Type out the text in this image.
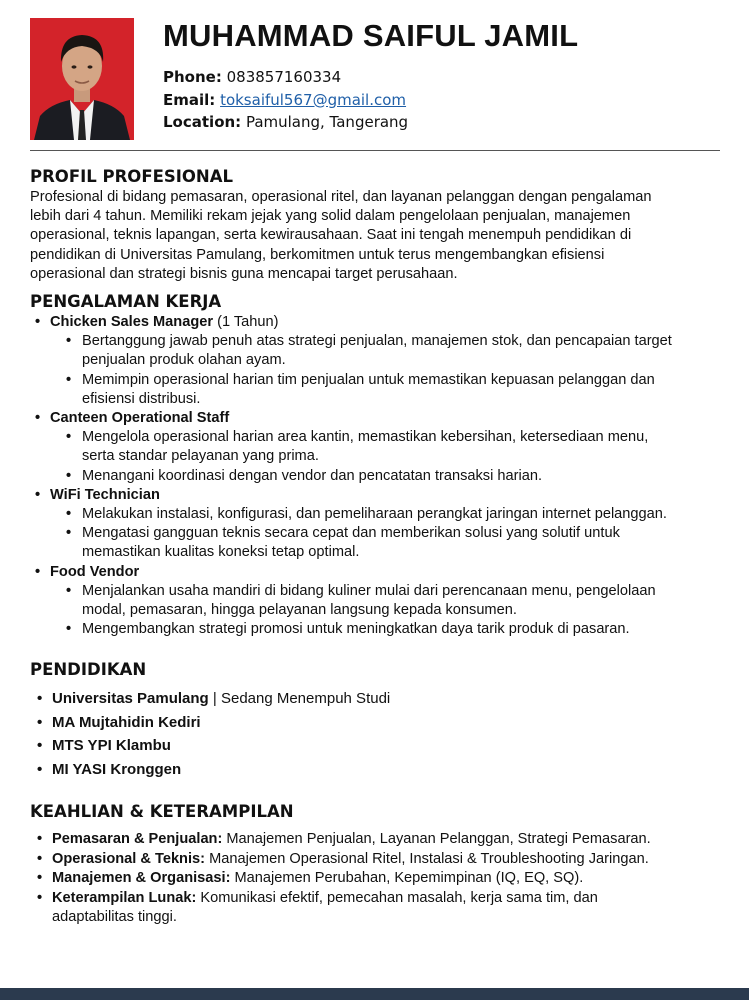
MUHAMMAD SAIFUL JAMIL
Phone: 083857160334
Email: toksaiful567@gmail.com
Location: Pamulang, Tangerang
PROFIL PROFESIONAL

Profesional di bidang pemasaran, operasional ritel, dan layanan pelanggan dengan pengalaman
lebih dari 4 tahun. Memiliki rekam jejak yang solid dalam pengelolaan penjualan, manajemen
operasional, teknis lapangan, serta kewirausahaan. Saat ini tengah menempuh pendidikan di
pendidikan di Universitas Pamulang, berkomitmen untuk terus mengembangkan efisiensi
operasional dan strategi bisnis guna mencapai target perusahaan.

PENGALAMAN KERJA
• Chicken Sales Manager (1 Tahun)
• Bertanggung jawab penuh atas strategi penjualan, manajemen stok, dan pencapaian target
penjualan produk olahan ayam.
• Memimpin operasional harian tim penjualan untuk memastikan kepuasan pelanggan dan
efisiensi distribusi.
• Canteen Operational Staff
• Mengelola operasional harian area kantin, memastikan kebersihan, ketersediaan menu,
serta standar pelayanan yang prima.
• Menangani koordinasi dengan vendor dan pencatatan transaksi harian.
• WiFi Technician
• Melakukan instalasi, konfigurasi, dan pemeliharaan perangkat jaringan internet pelanggan.
• Mengatasi gangguan teknis secara cepat dan memberikan solusi yang solutif untuk
memastikan kualitas koneksi tetap optimal.
• Food Vendor
• Menjalankan usaha mandiri di bidang kuliner mulai dari perencanaan menu, pengelolaan
modal, pemasaran, hingga pelayanan langsung kepada konsumen.
• Mengembangkan strategi promosi untuk meningkatkan daya tarik produk di pasaran.
PENDIDIKAN
• Universitas Pamulang | Sedang Menempuh Studi
• MA Mujtahidin Kediri
• MTS YPI Klambu
• MI YASI Kronggen
KEAHLIAN & KETERAMPILAN
• Pemasaran & Penjualan: Manajemen Penjualan, Layanan Pelanggan, Strategi Pemasaran.
• Operasional & Teknis: Manajemen Operasional Ritel, Instalasi & Troubleshooting Jaringan.
• Manajemen & Organisasi: Manajemen Perubahan, Kepemimpinan (IQ, EQ, SQ).
• Keterampilan Lunak: Komunikasi efektif, pemecahan masalah, kerja sama tim, dan
adaptabilitas tinggi.
